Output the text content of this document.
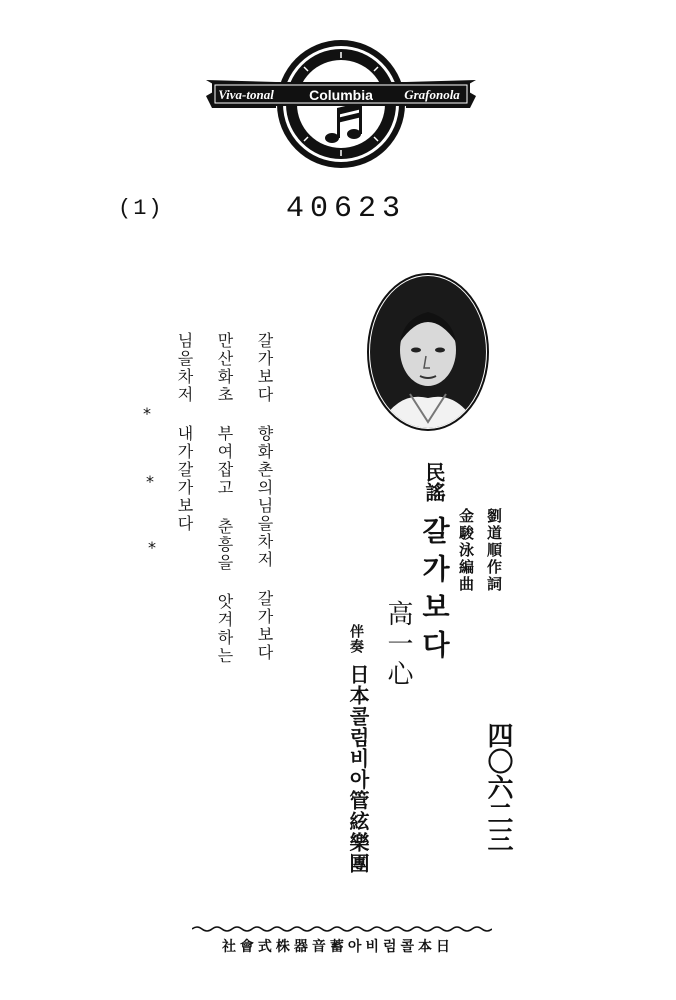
Viva-tonal	Columbia Grafonola
(1)	40623
갈가보다 향화촌의님을차저 갈가보다
만산화초 부여잡고 춘흥을 앗겨하는
님을차저 내가갈가보다
*
*
*
民謠
劉道順作詞
金駿泳編曲
갈가보다
高一心
伴奏
日本콜럼비아管絃樂團	四〇六二三
日本콜럼비아蓄音器株式會社
